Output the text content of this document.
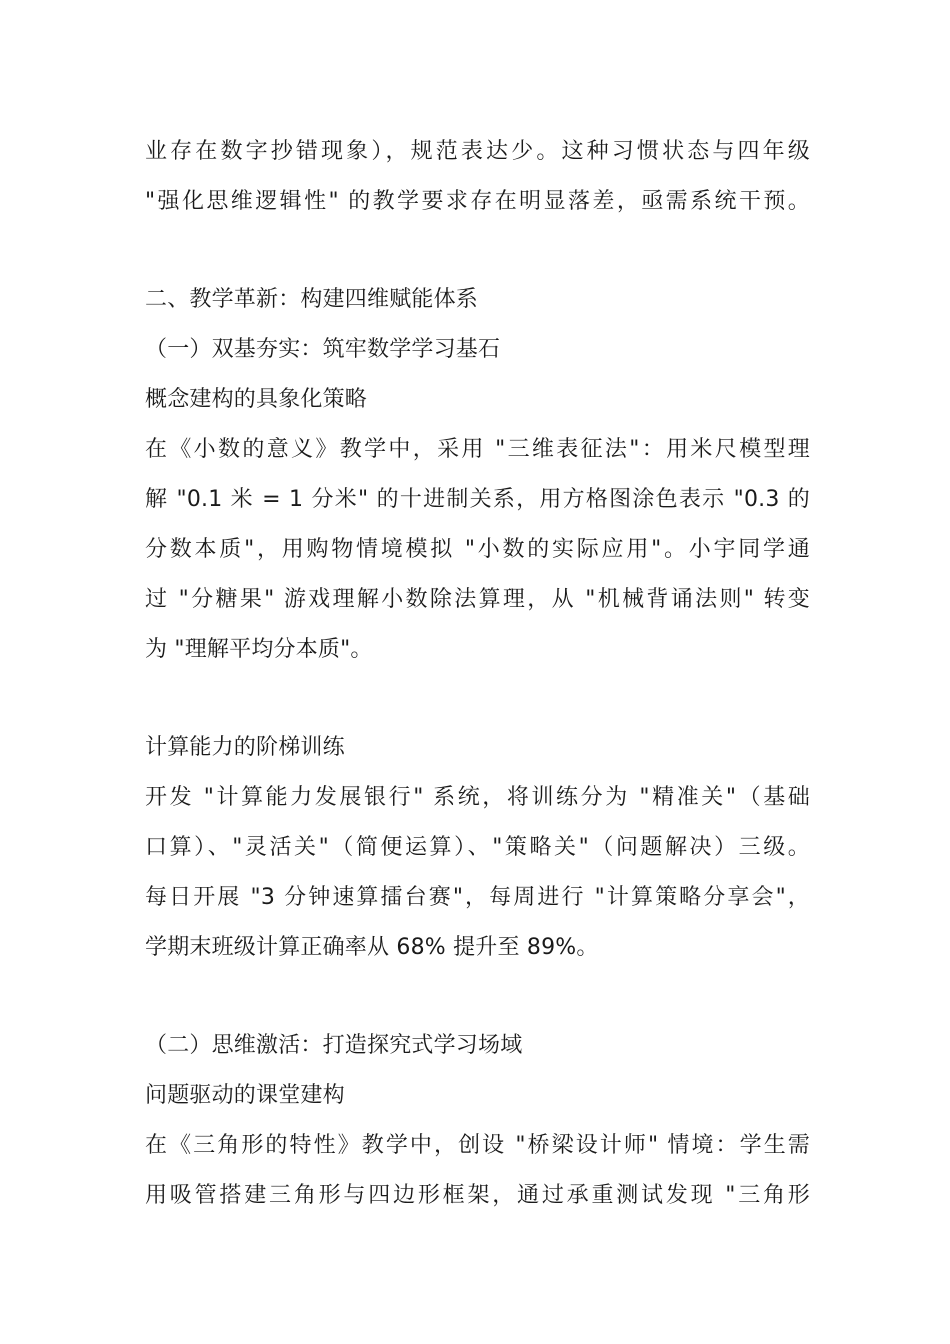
业存在数字抄错现象），规范表达少。这种习惯状态与四年级
"强化思维逻辑性" 的教学要求存在明显落差，亟需系统干预。
二、教学革新：构建四维赋能体系
（一）双基夯实：筑牢数学学习基石
概念建构的具象化策略
在《小数的意义》教学中，采用 "三维表征法"：用米尺模型理
解 "0.1 米 = 1 分米" 的十进制关系，用方格图涂色表示 "0.3 的
分数本质"，用购物情境模拟 "小数的实际应用"。小宇同学通
过 "分糖果" 游戏理解小数除法算理，从 "机械背诵法则" 转变
为 "理解平均分本质"。
计算能力的阶梯训练
开发 "计算能力发展银行" 系统，将训练分为 "精准关"（基础
口算）、"灵活关"（简便运算）、"策略关"（问题解决）三级。
每日开展 "3 分钟速算擂台赛"，每周进行 "计算策略分享会"，
学期末班级计算正确率从 68% 提升至 89%。
（二）思维激活：打造探究式学习场域
问题驱动的课堂建构
在《三角形的特性》教学中，创设 "桥梁设计师" 情境：学生需
用吸管搭建三角形与四边形框架，通过承重测试发现 "三角形
